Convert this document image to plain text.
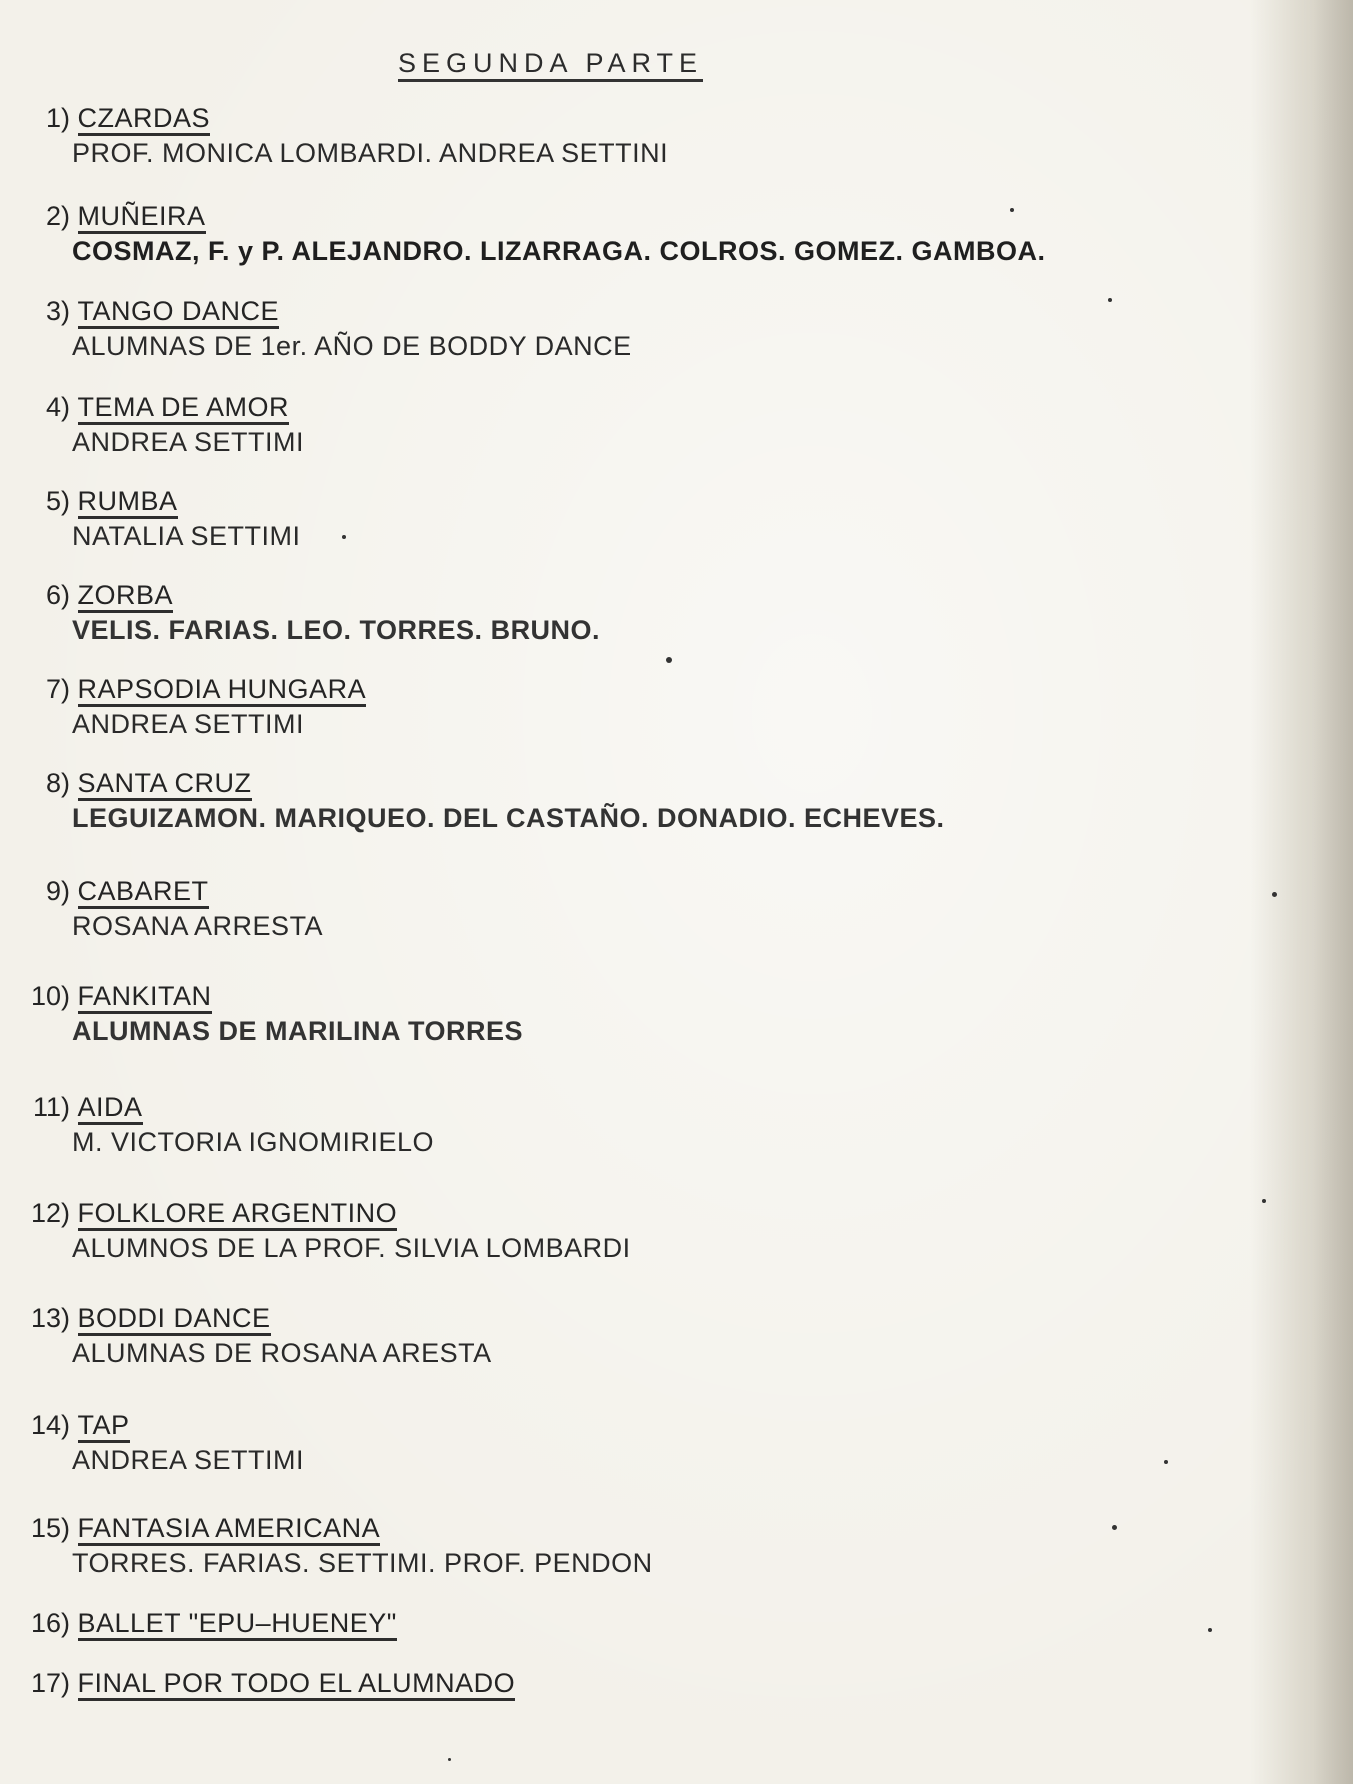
SEGUNDA PARTE
1) CZARDAS
PROF. MONICA LOMBARDI. ANDREA SETTINI
2) MUÑEIRA
COSMAZ, F. y P. ALEJANDRO. LIZARRAGA. COLROS. GOMEZ. GAMBOA.
3) TANGO DANCE
ALUMNAS DE 1er. AÑO DE BODDY DANCE
4) TEMA DE AMOR
ANDREA SETTIMI
5) RUMBA
NATALIA SETTIMI
6) ZORBA
VELIS. FARIAS. LEO. TORRES. BRUNO.
7) RAPSODIA HUNGARA
ANDREA SETTIMI
8) SANTA CRUZ
LEGUIZAMON. MARIQUEO. DEL CASTAÑO. DONADIO. ECHEVES.
9) CABARET
ROSANA ARRESTA
10) FANKITAN
ALUMNAS DE MARILINA TORRES
11) AIDA
M. VICTORIA IGNOMIRIELO
12) FOLKLORE ARGENTINO
ALUMNOS DE LA PROF. SILVIA LOMBARDI
13) BODDI DANCE
ALUMNAS DE ROSANA ARESTA
14) TAP
ANDREA SETTIMI
15) FANTASIA AMERICANA
TORRES. FARIAS. SETTIMI. PROF. PENDON
16) BALLET "EPU–HUENEY"
17) FINAL POR TODO EL ALUMNADO
